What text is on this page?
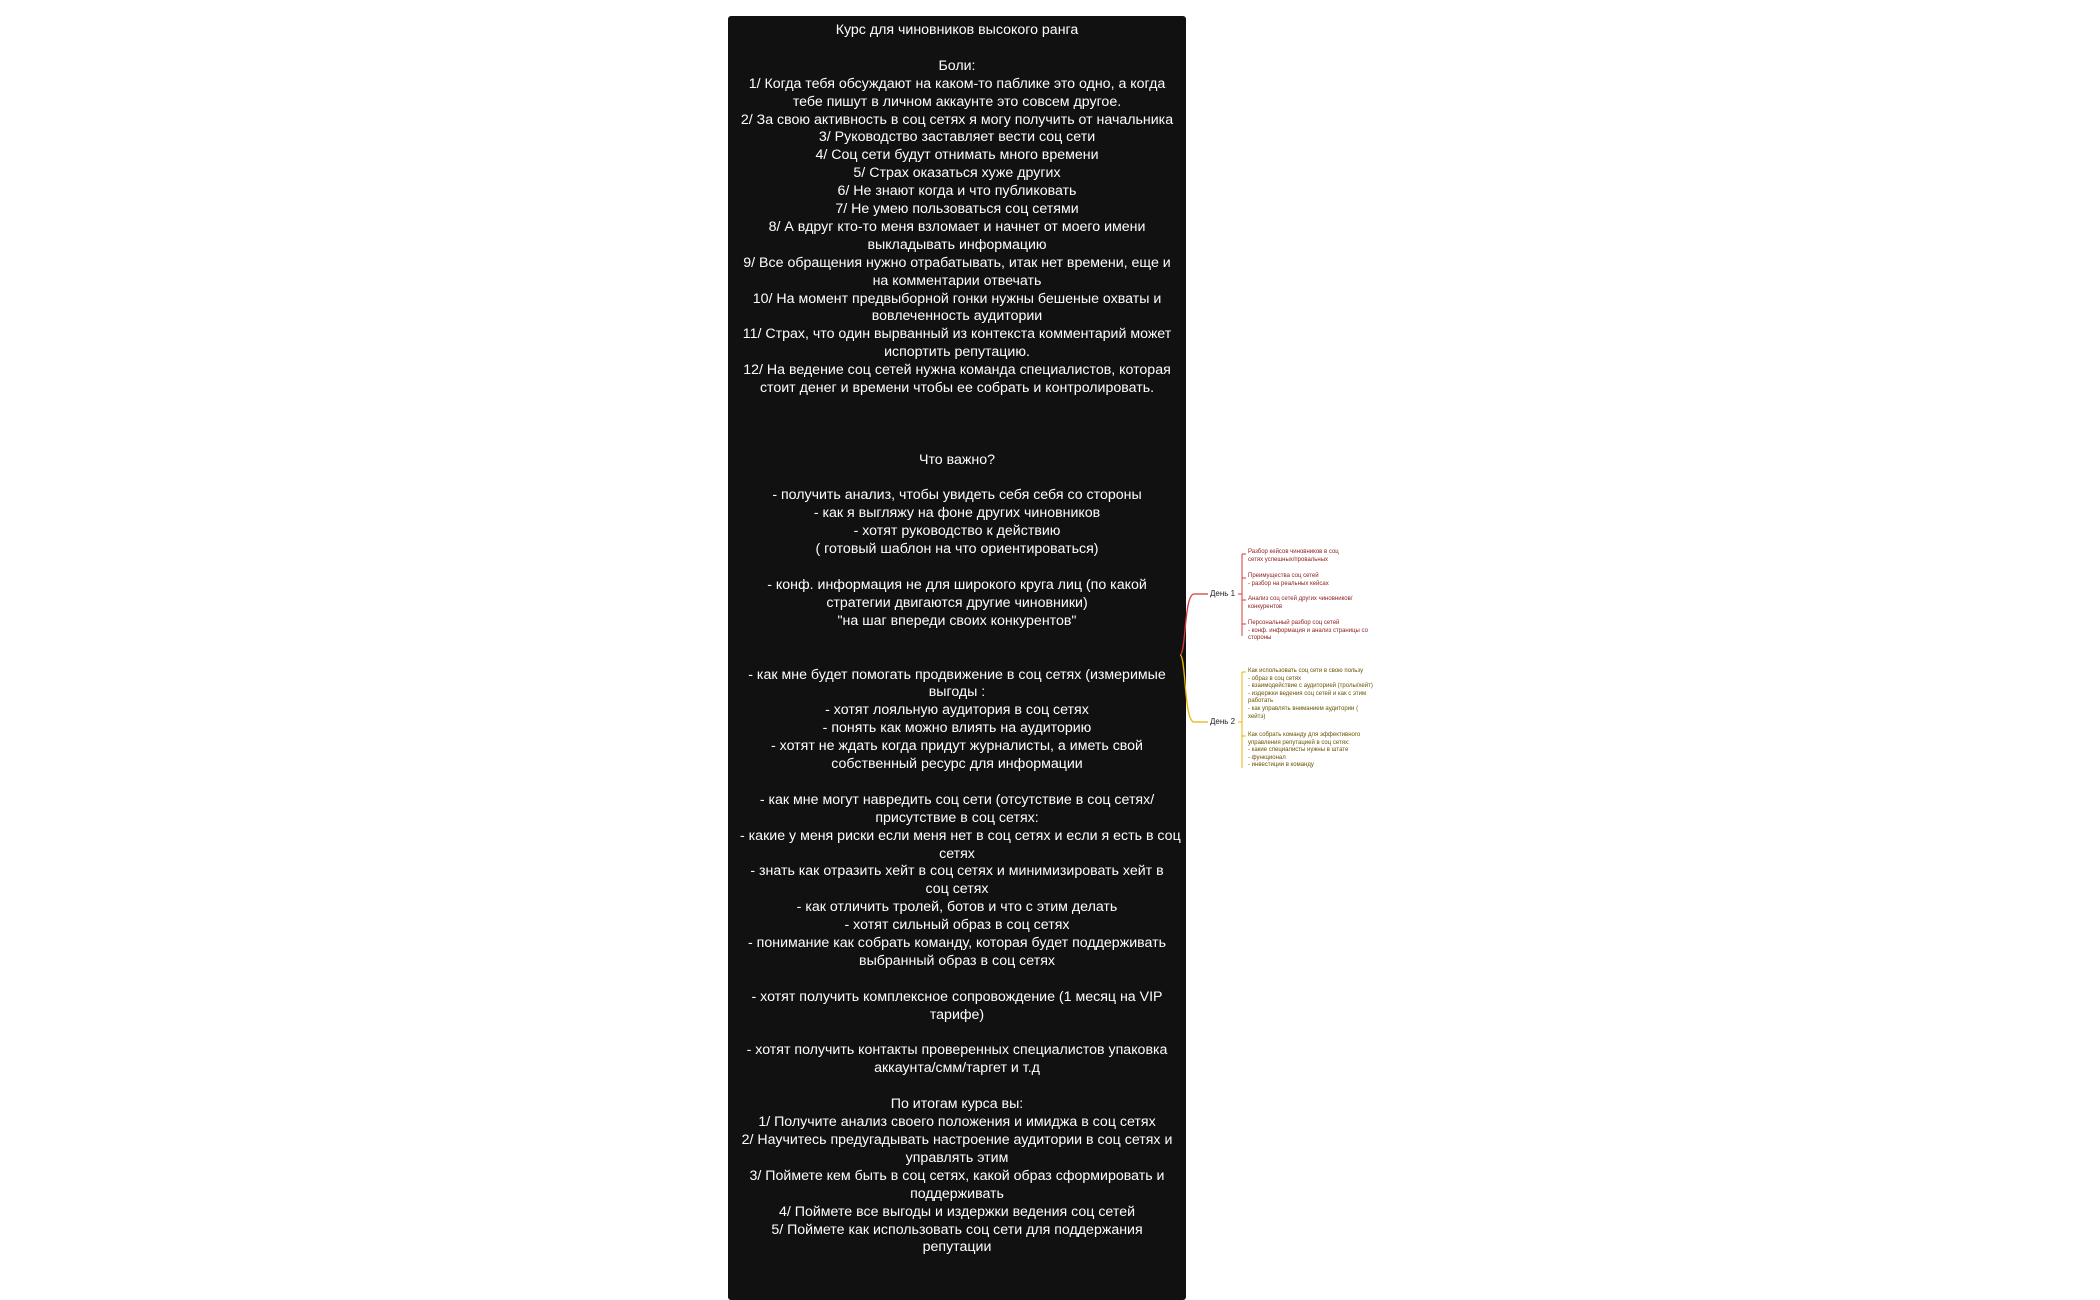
Курс для чиновников высокого ранга
Боли:
1/ Когда тебя обсуждают на каком-то паблике это одно, а когда
тебе пишут в личном аккаунте это совсем другое.
2/ За свою активность в соц сетях я могу получить от начальника
3/ Руководство заставляет вести соц сети
4/ Соц сети будут отнимать много времени
5/ Страх оказаться хуже других
6/ Не знают когда и что публиковать
7/ Не умею пользоваться соц сетями
8/ А вдруг кто-то меня взломает и начнет от моего имени
выкладывать информацию
9/ Все обращения нужно отрабатывать, итак нет времени, еще и
на комментарии отвечать
10/ На момент предвыборной гонки нужны бешеные охваты и
вовлеченность аудитории
11/ Страх, что один вырванный из контекста комментарий может
испортить репутацию.
12/ На ведение соц сетей нужна команда специалистов, которая
стоит денег и времени чтобы ее собрать и контролировать.
Что важно?
- получить анализ, чтобы увидеть себя себя со стороны
- как я выгляжу на фоне других чиновников
- хотят руководство к действию
( готовый шаблон на что ориентироваться)
- конф. информация не для широкого круга лиц (по какой
стратегии двигаются другие чиновники)
"на шаг впереди своих конкурентов"
- как мне будет помогать продвижение в соц сетях (измеримые
выгоды :
- хотят лояльную аудитория в соц сетях
- понять как можно влиять на аудиторию
- хотят не ждать когда придут журналисты, а иметь свой
собственный ресурс для информации
- как мне могут навредить соц сети (отсутствие в соц сетях/
присутствие в соц сетях:
- какие у меня риски если меня нет в соц сетях и если я есть в соц
сетях
- знать как отразить хейт в соц сетях и минимизировать хейт в
соц сетях
- как отличить тролей, ботов и что с этим делать
- хотят сильный образ в соц сетях
- понимание как собрать команду, которая будет поддерживать
выбранный образ в соц сетях
- хотят получить комплексное сопровождение (1 месяц на VIP
тарифе)
- хотят получить контакты проверенных специалистов упаковка
аккаунта/смм/таргет и т.д
По итогам курса вы:
1/ Получите анализ своего положения и имиджа в соц сетях
2/ Научитесь предугадывать настроение аудитории в соц сетях и
управлять этим
3/ Поймете кем быть в соц сетях, какой образ сформировать и
поддерживать
4/ Поймете все выгоды и издержки ведения соц сетей
5/ Поймете как использовать соц сети для поддержания
репутации
День 1
День 2
Разбор кейсов чиновников в соц
сетях успешных/провальных
Преимущества соц сетей
- разбор на реальных кейсах
Анализ соц сетей других чиновников/
конкурентов
Персональный разбор соц сетей
- конф. информация и анализ страницы со
стороны
Как использовать соц сети в свою пользу
- образ в соц сетях
- взаимодействие с аудиторией (тролы/хейт)
- издержки ведения соц сетей и как с этим
работать
- как управлять вниманием аудитории (
хейтэ)
Как собрать команду для эффективного
управления репутацией в соц сетях:
- какие специалисты нужны в штате
- функционал
- инвестиции в команду
